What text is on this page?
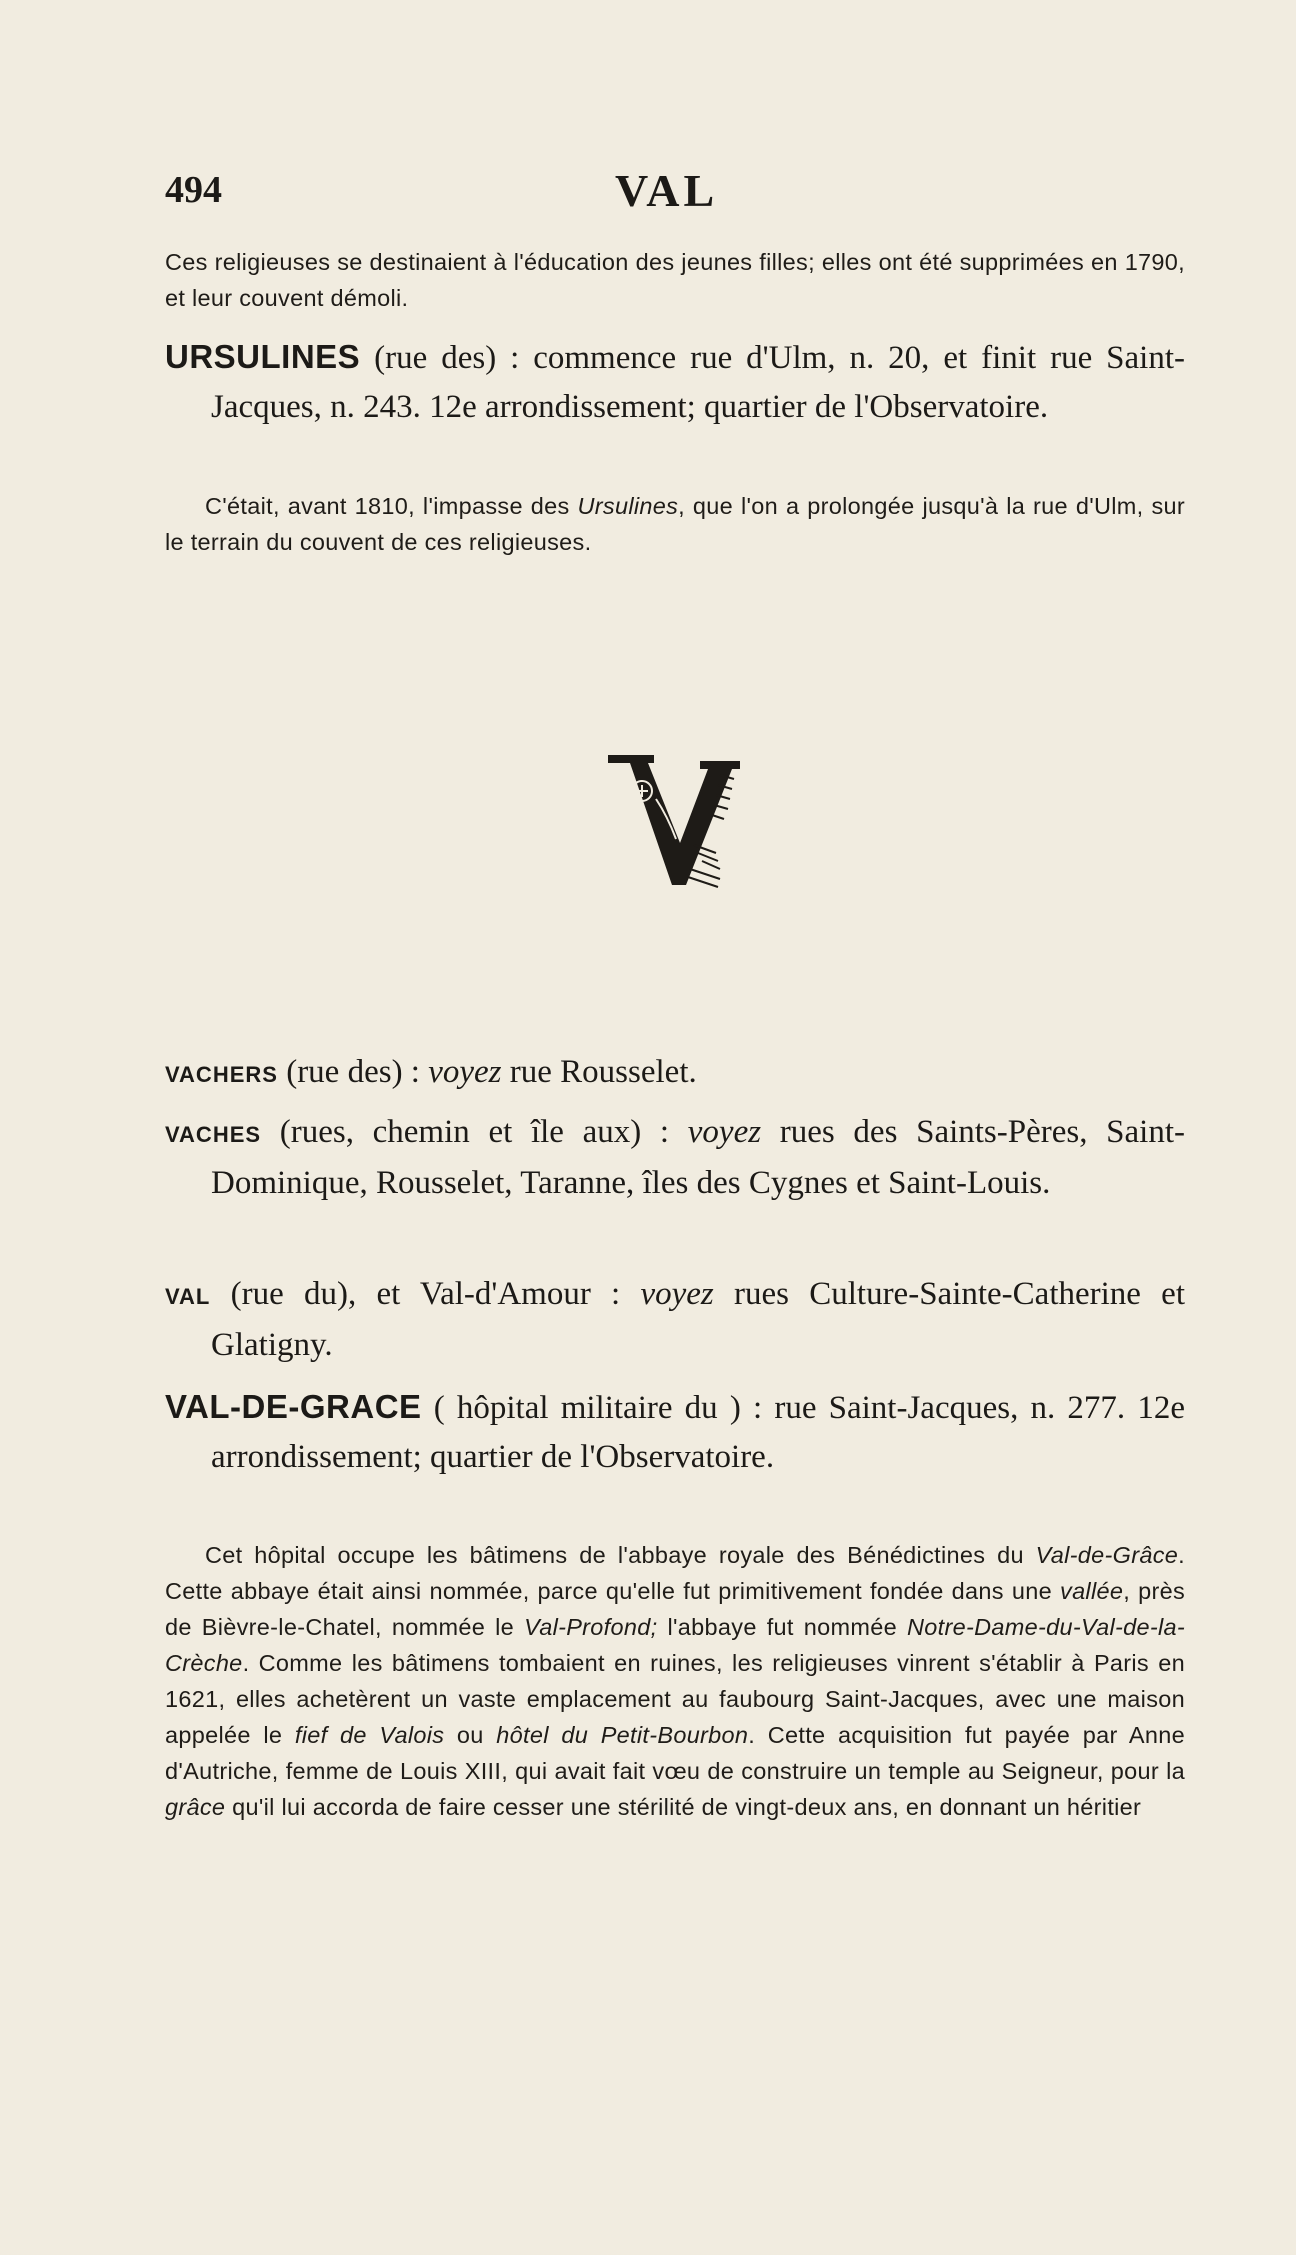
494	VAL

Ces religieuses se destinaient à l'éducation des jeunes filles; elles ont été supprimées en 1790, et leur couvent démoli.

URSULINES (rue des) : commence rue d'Ulm, n. 20, et finit rue Saint-Jacques, n. 243. 12e arrondissement; quartier de l'Observatoire.

C'était, avant 1810, l'impasse des Ursulines, que l'on a prolongée jusqu'à la rue d'Ulm, sur le terrain du couvent de ces religieuses.

V

VACHERS (rue des) : voyez rue Rousselet.

VACHES (rues, chemin et île aux) : voyez rues des Saints-Pères, Saint-Dominique, Rousselet, Taranne, îles des Cygnes et Saint-Louis.

VAL (rue du), et Val-d'Amour : voyez rues Culture-Sainte-Catherine et Glatigny.

VAL-DE-GRACE ( hôpital militaire du ) : rue Saint-Jacques, n. 277. 12e arrondissement; quartier de l'Observatoire.

Cet hôpital occupe les bâtimens de l'abbaye royale des Bénédictines du Val-de-Grâce. Cette abbaye était ainsi nommée, parce qu'elle fut primitivement fondée dans une vallée, près de Bièvre-le-Chatel, nommée le Val-Profond; l'abbaye fut nommée Notre-Dame-du-Val-de-la-Crèche. Comme les bâtimens tombaient en ruines, les religieuses vinrent s'établir à Paris en 1621, elles achetèrent un vaste emplacement au faubourg Saint-Jacques, avec une maison appelée le fief de Valois ou hôtel du Petit-Bourbon. Cette acquisition fut payée par Anne d'Autriche, femme de Louis XIII, qui avait fait vœu de construire un temple au Seigneur, pour la grâce qu'il lui accorda de faire cesser une stérilité de vingt-deux ans, en donnant un héritier
